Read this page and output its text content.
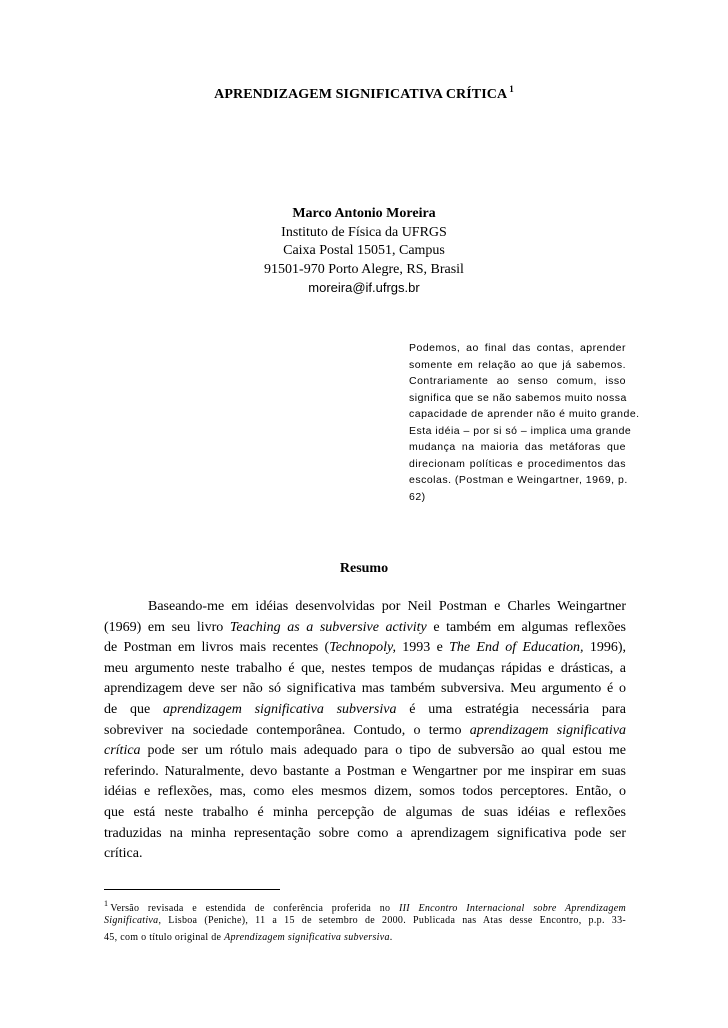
APRENDIZAGEM SIGNIFICATIVA CRÍTICA $^1$
Marco Antonio Moreira
Instituto de Física da UFRGS
Caixa Postal 15051, Campus
91501-970 Porto Alegre, RS, Brasil
moreira@if.ufrgs.br
Podemos, ao final das contas, aprender
somente em relação ao que já sabemos.
Contrariamente ao senso comum, isso
significa que se não sabemos muito nossa
capacidade de aprender não é muito grande.
Esta idéia – por si só – implica uma grande
mudança na maioria das metáforas que
direcionam políticas e procedimentos das
escolas. (Postman e Weingartner, 1969, p.
62)
Resumo
Baseando-me em idéias desenvolvidas por Neil Postman e Charles Weingartner
(1969) em seu livro Teaching as a subversive activity e também em algumas reflexões
de Postman em livros mais recentes (Technopoly, 1993 e The End of Education, 1996),
meu argumento neste trabalho é que, nestes tempos de mudanças rápidas e drásticas, a
aprendizagem deve ser não só significativa mas também subversiva. Meu argumento é o
de que aprendizagem significativa subversiva é uma estratégia necessária para
sobreviver na sociedade contemporânea. Contudo, o termo aprendizagem significativa
crítica pode ser um rótulo mais adequado para o tipo de subversão ao qual estou me
referindo. Naturalmente, devo bastante a Postman e Wengartner por me inspirar em suas
idéias e reflexões, mas, como eles mesmos dizem, somos todos perceptores. Então, o
que está neste trabalho é minha percepção de algumas de suas idéias e reflexões
traduzidas na minha representação sobre como a aprendizagem significativa pode ser
crítica.
$^1$ Versão revisada e estendida de conferência proferida no III Encontro Internacional sobre Aprendizagem
Significativa, Lisboa (Peniche), 11 a 15 de setembro de 2000. Publicada nas Atas desse Encontro, p.p. 33-
45, com o título original de Aprendizagem significativa subversiva.
